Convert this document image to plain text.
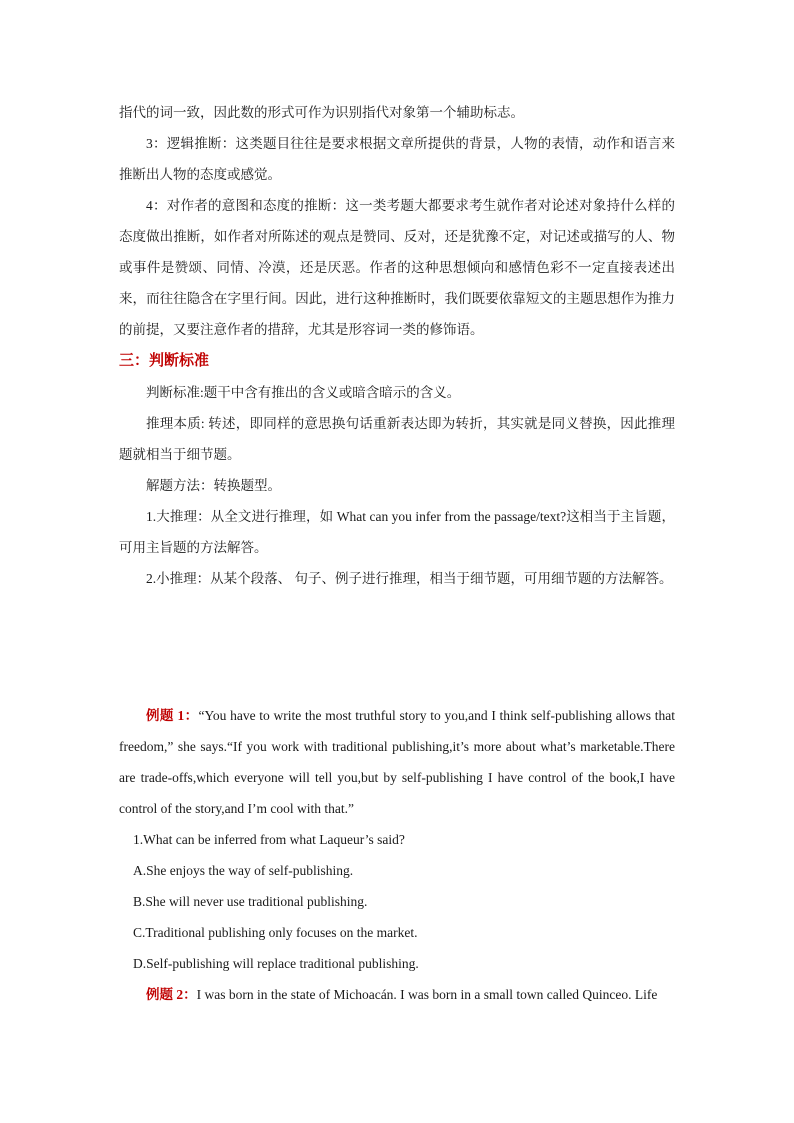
指代的词一致，因此数的形式可作为识别指代对象第一个辅助标志。

3：逻辑推断：这类题目往往是要求根据文章所提供的背景，人物的表情，动作和语言来推断出人物的态度或感觉。

4：对作者的意图和态度的推断：这一类考题大都要求考生就作者对论述对象持什么样的态度做出推断，如作者对所陈述的观点是赞同、反对，还是犹豫不定，对记述或描写的人、物或事件是赞颂、同情、冷漠，还是厌恶。作者的这种思想倾向和感情色彩不一定直接表述出来，而往往隐含在字里行间。因此，进行这种推断时，我们既要依靠短文的主题思想作为推力的前提，又要注意作者的措辞，尤其是形容词一类的修饰语。

三：判断标准

判断标准:题干中含有推出的含义或暗含暗示的含义。

推理本质: 转述，即同样的意思换句话重新表达即为转折，其实就是同义替换，因此推理题就相当于细节题。

解题方法：转换题型。

1.大推理：从全文进行推理，如 What can you infer from the passage/text?这相当于主旨题，可用主旨题的方法解答。

2.小推理：从某个段落、 句子、例子进行推理，相当于细节题，可用细节题的方法解答。

例题 1：“You have to write the most truthful story to you,and I think self-publishing allows that freedom,” she says.“If you work with traditional publishing,it’s more about what’s marketable.There are trade-offs,which everyone will tell you,but by self-publishing I have control of the book,I have control of the story,and I’m cool with that.”

1.What can be inferred from what Laqueur’s said?

A.She enjoys the way of self-publishing.

B.She will never use traditional publishing.

C.Traditional publishing only focuses on the market.

D.Self-publishing will replace traditional publishing.

例题 2：I was born in the state of Michoacán. I was born in a small town called Quinceo. Life
